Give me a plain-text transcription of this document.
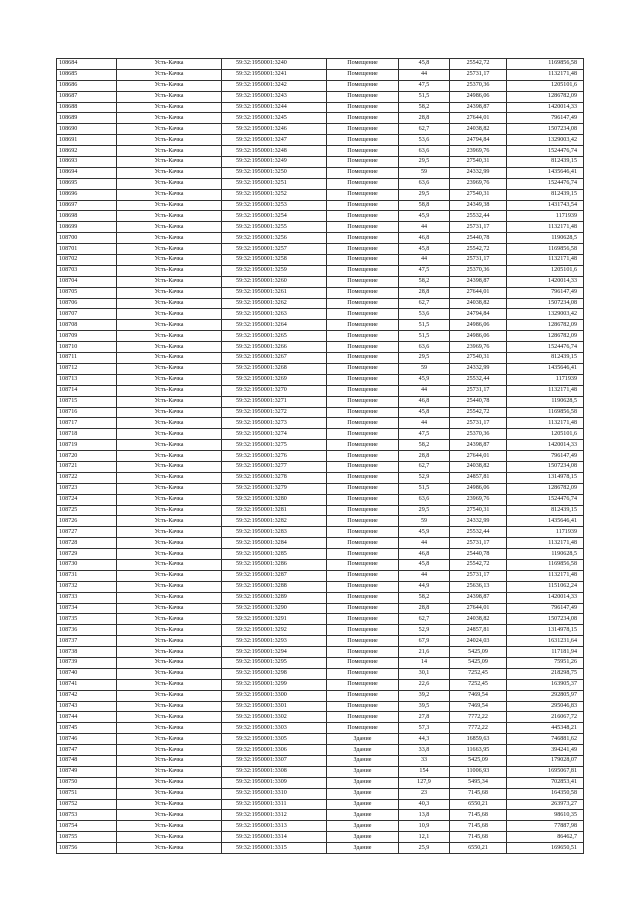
108684	Усть-Качка	59:32:1950001:3240	Помещение	45,8	25542,72	1169856,58
108685	Усть-Качка	59:32:1950001:3241	Помещение	44	25731,17	1132171,48
108686	Усть-Качка	59:32:1950001:3242	Помещение	47,5	25370,36	1205101,6
108687	Усть-Качка	59:32:1950001:3243	Помещение	51,5	24986,06	1286782,09
108688	Усть-Качка	59:32:1950001:3244	Помещение	58,2	24398,87	1420014,33
108689	Усть-Качка	59:32:1950001:3245	Помещение	28,8	27644,01	796147,49
108690	Усть-Качка	59:32:1950001:3246	Помещение	62,7	24038,82	1507234,08
108691	Усть-Качка	59:32:1950001:3247	Помещение	53,6	24794,84	1329003,42
108692	Усть-Качка	59:32:1950001:3248	Помещение	63,6	23969,76	1524476,74
108693	Усть-Качка	59:32:1950001:3249	Помещение	29,5	27540,31	812439,15
108694	Усть-Качка	59:32:1950001:3250	Помещение	59	24332,99	1435646,41
108695	Усть-Качка	59:32:1950001:3251	Помещение	63,6	23969,76	1524476,74
108696	Усть-Качка	59:32:1950001:3252	Помещение	29,5	27540,31	812439,15
108697	Усть-Качка	59:32:1950001:3253	Помещение	58,8	24349,38	1431743,54
108698	Усть-Качка	59:32:1950001:3254	Помещение	45,9	25532,44	1171939
108699	Усть-Качка	59:32:1950001:3255	Помещение	44	25731,17	1132171,48
108700	Усть-Качка	59:32:1950001:3256	Помещение	46,8	25440,78	1190628,5
108701	Усть-Качка	59:32:1950001:3257	Помещение	45,8	25542,72	1169856,58
108702	Усть-Качка	59:32:1950001:3258	Помещение	44	25731,17	1132171,48
108703	Усть-Качка	59:32:1950001:3259	Помещение	47,5	25370,36	1205101,6
108704	Усть-Качка	59:32:1950001:3260	Помещение	58,2	24398,87	1420014,33
108705	Усть-Качка	59:32:1950001:3261	Помещение	28,8	27644,01	796147,49
108706	Усть-Качка	59:32:1950001:3262	Помещение	62,7	24038,82	1507234,08
108707	Усть-Качка	59:32:1950001:3263	Помещение	53,6	24794,84	1329003,42
108708	Усть-Качка	59:32:1950001:3264	Помещение	51,5	24986,06	1286782,09
108709	Усть-Качка	59:32:1950001:3265	Помещение	51,5	24986,06	1286782,09
108710	Усть-Качка	59:32:1950001:3266	Помещение	63,6	23969,76	1524476,74
108711	Усть-Качка	59:32:1950001:3267	Помещение	29,5	27540,31	812439,15
108712	Усть-Качка	59:32:1950001:3268	Помещение	59	24332,99	1435646,41
108713	Усть-Качка	59:32:1950001:3269	Помещение	45,9	25532,44	1171939
108714	Усть-Качка	59:32:1950001:3270	Помещение	44	25731,17	1132171,48
108715	Усть-Качка	59:32:1950001:3271	Помещение	46,8	25440,78	1190628,5
108716	Усть-Качка	59:32:1950001:3272	Помещение	45,8	25542,72	1169856,58
108717	Усть-Качка	59:32:1950001:3273	Помещение	44	25731,17	1132171,48
108718	Усть-Качка	59:32:1950001:3274	Помещение	47,5	25370,36	1205101,6
108719	Усть-Качка	59:32:1950001:3275	Помещение	58,2	24398,87	1420014,33
108720	Усть-Качка	59:32:1950001:3276	Помещение	28,8	27644,01	796147,49
108721	Усть-Качка	59:32:1950001:3277	Помещение	62,7	24038,82	1507234,08
108722	Усть-Качка	59:32:1950001:3278	Помещение	52,9	24857,81	1314978,15
108723	Усть-Качка	59:32:1950001:3279	Помещение	51,5	24986,06	1286782,09
108724	Усть-Качка	59:32:1950001:3280	Помещение	63,6	23969,76	1524476,74
108725	Усть-Качка	59:32:1950001:3281	Помещение	29,5	27540,31	812439,15
108726	Усть-Качка	59:32:1950001:3282	Помещение	59	24332,99	1435646,41
108727	Усть-Качка	59:32:1950001:3283	Помещение	45,9	25532,44	1171939
108728	Усть-Качка	59:32:1950001:3284	Помещение	44	25731,17	1132171,48
108729	Усть-Качка	59:32:1950001:3285	Помещение	46,8	25440,78	1190628,5
108730	Усть-Качка	59:32:1950001:3286	Помещение	45,8	25542,72	1169856,58
108731	Усть-Качка	59:32:1950001:3287	Помещение	44	25731,17	1132171,48
108732	Усть-Качка	59:32:1950001:3288	Помещение	44,9	25636,13	1151062,24
108733	Усть-Качка	59:32:1950001:3289	Помещение	58,2	24398,87	1420014,33
108734	Усть-Качка	59:32:1950001:3290	Помещение	28,8	27644,01	796147,49
108735	Усть-Качка	59:32:1950001:3291	Помещение	62,7	24038,82	1507234,08
108736	Усть-Качка	59:32:1950001:3292	Помещение	52,9	24857,81	1314978,15
108737	Усть-Качка	59:32:1950001:3293	Помещение	67,9	24024,03	1631231,64
108738	Усть-Качка	59:32:1950001:3294	Помещение	21,6	5425,09	117181,94
108739	Усть-Качка	59:32:1950001:3295	Помещение	14	5425,09	75951,26
108740	Усть-Качка	59:32:1950001:3298	Помещение	30,1	7252,45	218298,75
108741	Усть-Качка	59:32:1950001:3299	Помещение	22,6	7252,45	163905,37
108742	Усть-Качка	59:32:1950001:3300	Помещение	39,2	7469,54	292805,97
108743	Усть-Качка	59:32:1950001:3301	Помещение	39,5	7469,54	295046,83
108744	Усть-Качка	59:32:1950001:3302	Помещение	27,8	7772,22	216067,72
108745	Усть-Качка	59:32:1950001:3303	Помещение	57,3	7772,22	445348,21
108746	Усть-Качка	59:32:1950001:3305	Здание	44,3	16859,63	746881,62
108747	Усть-Качка	59:32:1950001:3306	Здание	33,8	11663,95	394241,49
108748	Усть-Качка	59:32:1950001:3307	Здание	33	5425,09	179028,07
108749	Усть-Качка	59:32:1950001:3308	Здание	154	11006,93	1695067,81
108750	Усть-Качка	59:32:1950001:3309	Здание	127,9	5495,34	702853,41
108751	Усть-Качка	59:32:1950001:3310	Здание	23	7145,68	164350,58
108752	Усть-Качка	59:32:1950001:3311	Здание	40,3	6550,21	263973,27
108753	Усть-Качка	59:32:1950001:3312	Здание	13,8	7145,68	98610,35
108754	Усть-Качка	59:32:1950001:3313	Здание	10,9	7145,68	77887,98
108755	Усть-Качка	59:32:1950001:3314	Здание	12,1	7145,68	86462,7
108756	Усть-Качка	59:32:1950001:3315	Здание	25,9	6550,21	169650,51
